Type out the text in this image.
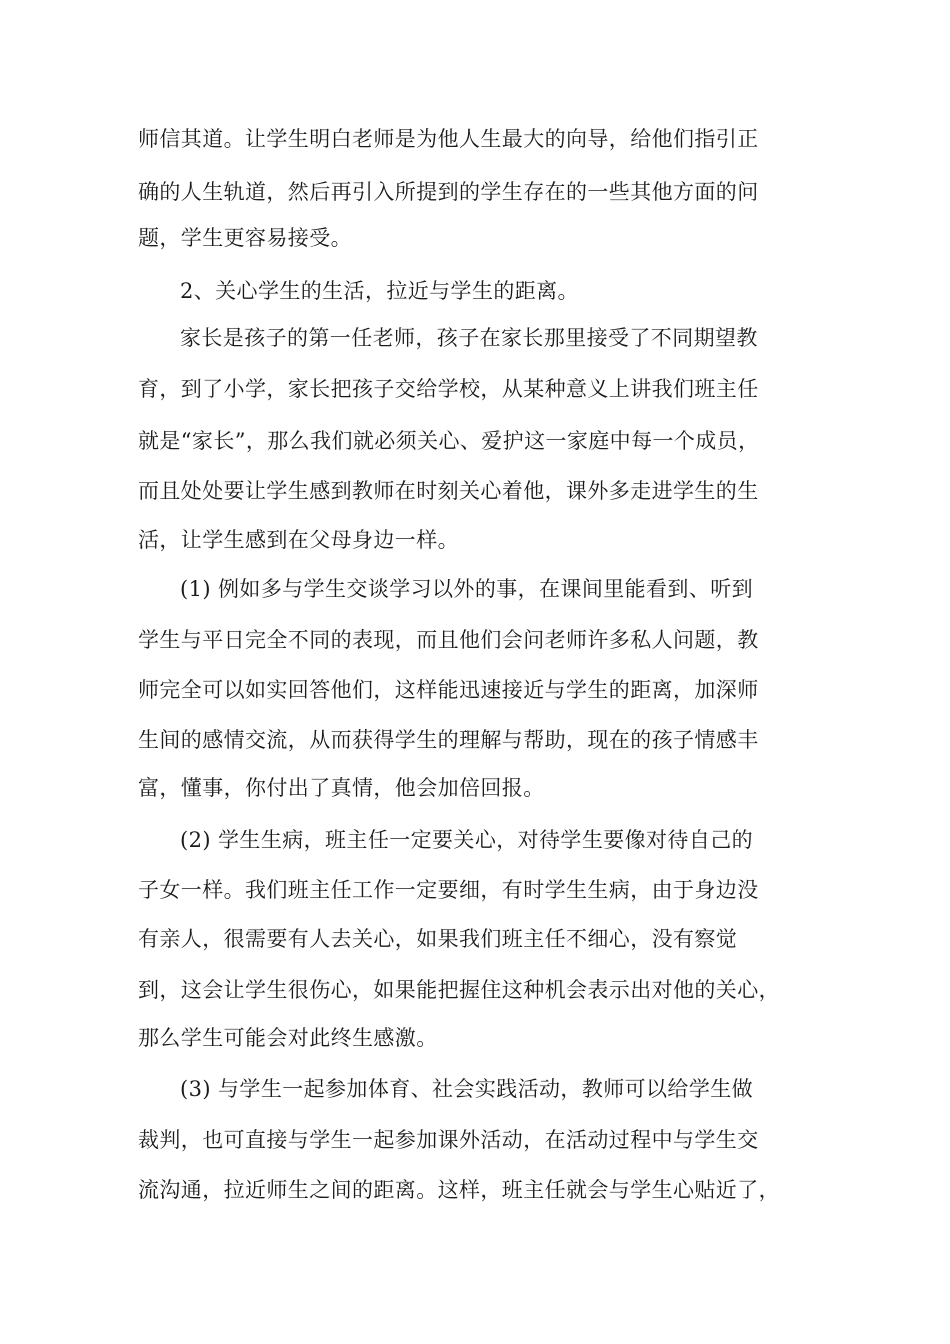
师信其道。让学生明白老师是为他人生最大的向导，给他们指引正
确的人生轨道，然后再引入所提到的学生存在的一些其他方面的问
题，学生更容易接受。
2、关心学生的生活，拉近与学生的距离。
家长是孩子的第一任老师，孩子在家长那里接受了不同期望教
育，到了小学，家长把孩子交给学校，从某种意义上讲我们班主任
就是“家长”，那么我们就必须关心、爱护这一家庭中每一个成员，
而且处处要让学生感到教师在时刻关心着他，课外多走进学生的生
活，让学生感到在父母身边一样。
(1) 例如多与学生交谈学习以外的事，在课间里能看到、听到
学生与平日完全不同的表现，而且他们会问老师许多私人问题，教
师完全可以如实回答他们，这样能迅速接近与学生的距离，加深师
生间的感情交流，从而获得学生的理解与帮助，现在的孩子情感丰
富，懂事，你付出了真情，他会加倍回报。
(2) 学生生病，班主任一定要关心，对待学生要像对待自己的
子女一样。我们班主任工作一定要细，有时学生生病，由于身边没
有亲人，很需要有人去关心，如果我们班主任不细心，没有察觉
到，这会让学生很伤心，如果能把握住这种机会表示出对他的关心，
那么学生可能会对此终生感激。
(3) 与学生一起参加体育、社会实践活动，教师可以给学生做
裁判，也可直接与学生一起参加课外活动，在活动过程中与学生交
流沟通，拉近师生之间的距离。这样，班主任就会与学生心贴近了，
